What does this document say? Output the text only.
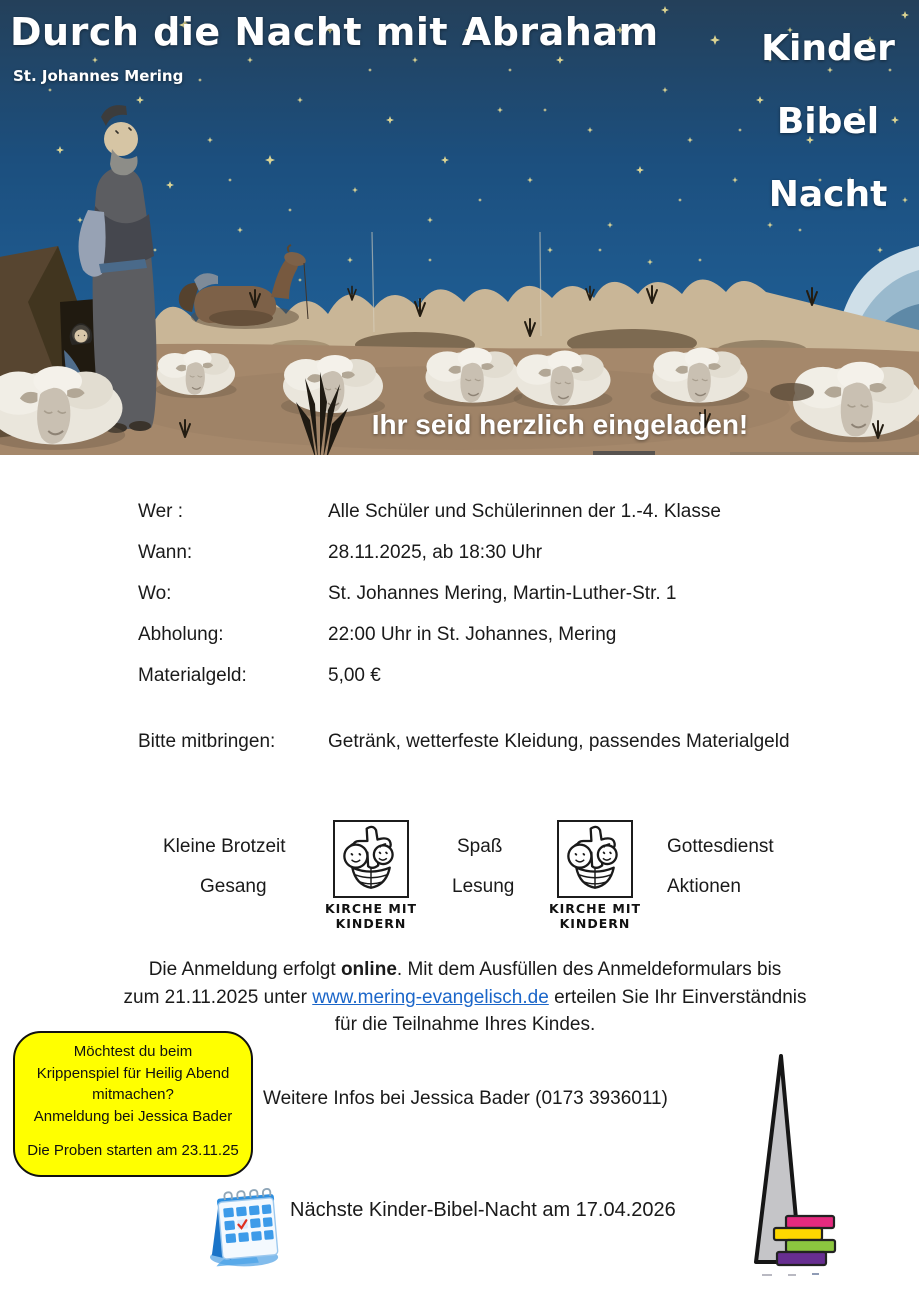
Durch die Nacht mit Abraham
St. Johannes Mering
Kinder
Bibel
Nacht
Ihr seid herzlich eingeladen!
Wer :	Alle Schüler und Schülerinnen der 1.-4. Klasse
Wann:	28.11.2025, ab 18:30 Uhr
Wo:	St. Johannes Mering, Martin-Luther-Str. 1
Abholung:	22:00 Uhr in St. Johannes, Mering
Materialgeld:	5,00 €
Bitte mitbringen:	Getränk, wetterfeste Kleidung, passendes Materialgeld
Kleine Brotzeit
Gesang
Spaß
Lesung
Gottesdienst
Aktionen
KIRCHE MIT
KINDERN
KIRCHE MIT
KINDERN
Die Anmeldung erfolgt online. Mit dem Ausfüllen des Anmeldeformulars bis
zum 21.11.2025 unter www.mering-evangelisch.de erteilen Sie Ihr Einverständnis
für die Teilnahme Ihres Kindes.
Möchtest du beim
Krippenspiel für Heilig Abend
mitmachen?
Anmeldung bei Jessica Bader
Die Proben starten am 23.11.25
Weitere Infos bei Jessica Bader (0173 3936011)
Nächste Kinder-Bibel-Nacht am 17.04.2026
